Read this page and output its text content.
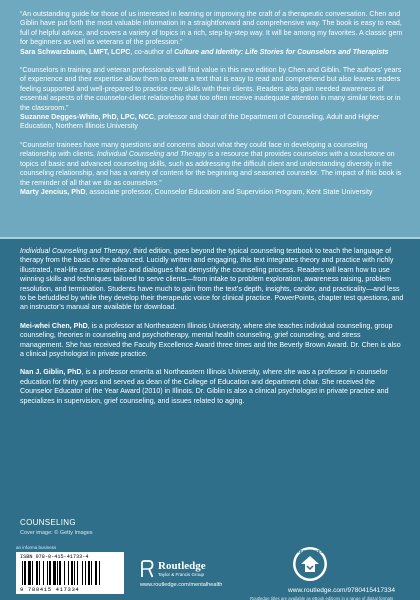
“An outstanding guide for those of us interested in learning or improving the craft of a therapeutic conversation. Chen and Giblin have put forth the most valuable information in a straightforward and comprehensive way. The book is easy to read, full of helpful advice, and covers a variety of topics in a rich, step-by-step way. It will be among my favorites. A classic gem for beginners as well as veterans of the profession.”
Sara Schwarzbaum, LMFT, LCPC, co-author of Culture and Identity: Life Stories for Counselors and Therapists
“Counselors in training and veteran professionals will find value in this new edition by Chen and Giblin. The authors’ years of experience and their expertise allow them to create a text that is easy to read and comprehend but also leaves readers feeling supported and well-prepared to practice new skills with their clients. Readers also gain needed awareness of essential aspects of the counselor-client relationship that too often receive inadequate attention in many similar texts or in the classroom.”
Suzanne Degges-White, PhD, LPC, NCC, professor and chair of the Department of Counseling, Adult and Higher Education, Northern Illinois University
“Counselor trainees have many questions and concerns about what they could face in developing a counseling relationship with clients. Individual Counseling and Therapy is a resource that provides counselors with a touchstone on topics of basic and advanced counseling skills, such as addressing the difficult client and understanding diversity in the counseling relationship, and has a variety of content for the beginning and seasoned counselor. The impact of this book is the reminder of all that we do as counselors.”
Marty Jencius, PhD, associate professor, Counselor Education and Supervision Program, Kent State University
Individual Counseling and Therapy, third edition, goes beyond the typical counseling textbook to teach the language of therapy from the basic to the advanced. Lucidly written and engaging, this text integrates theory and practice with richly illustrated, real-life case examples and dialogues that demystify the counseling process. Readers will learn how to use winning skills and techniques tailored to serve clients—from intake to problem exploration, awareness raising, problem resolution, and termination. Students have much to gain from the text’s depth, insights, candor, and practicality—and less to be befuddled by while they develop their therapeutic voice for clinical practice. PowerPoints, chapter test questions, and an instructor’s manual are available for download.
Mei-whei Chen, PhD, is a professor at Northeastern Illinois University, where she teaches individual counseling, group counseling, theories in counseling and psychotherapy, mental health counseling, grief counseling, and stress management. She has received the Faculty Excellence Award three times and the Beverly Brown Award. Dr. Chen is also a clinical psychologist in private practice.
Nan J. Giblin, PhD, is a professor emerita at Northeastern Illinois University, where she was a professor in counselor education for thirty years and served as dean of the College of Education and department chair. She received the Counselor Educator of the Year Award (2010) in Illinois. Dr. Giblin is also a clinical psychologist in private practice and specializes in supervision, grief counseling, and issues related to aging.
COUNSELING
Cover image: © Getty Images
an informa business
ISBN 978-0-415-41733-4
9 780415 417334
Routledge
Taylor & Francis Group
www.routledge.com/mentalhealth
RESOURCES
www.routledge.com/9780415417334
Routledge titles are available as eBook editions in a range of digital formats
